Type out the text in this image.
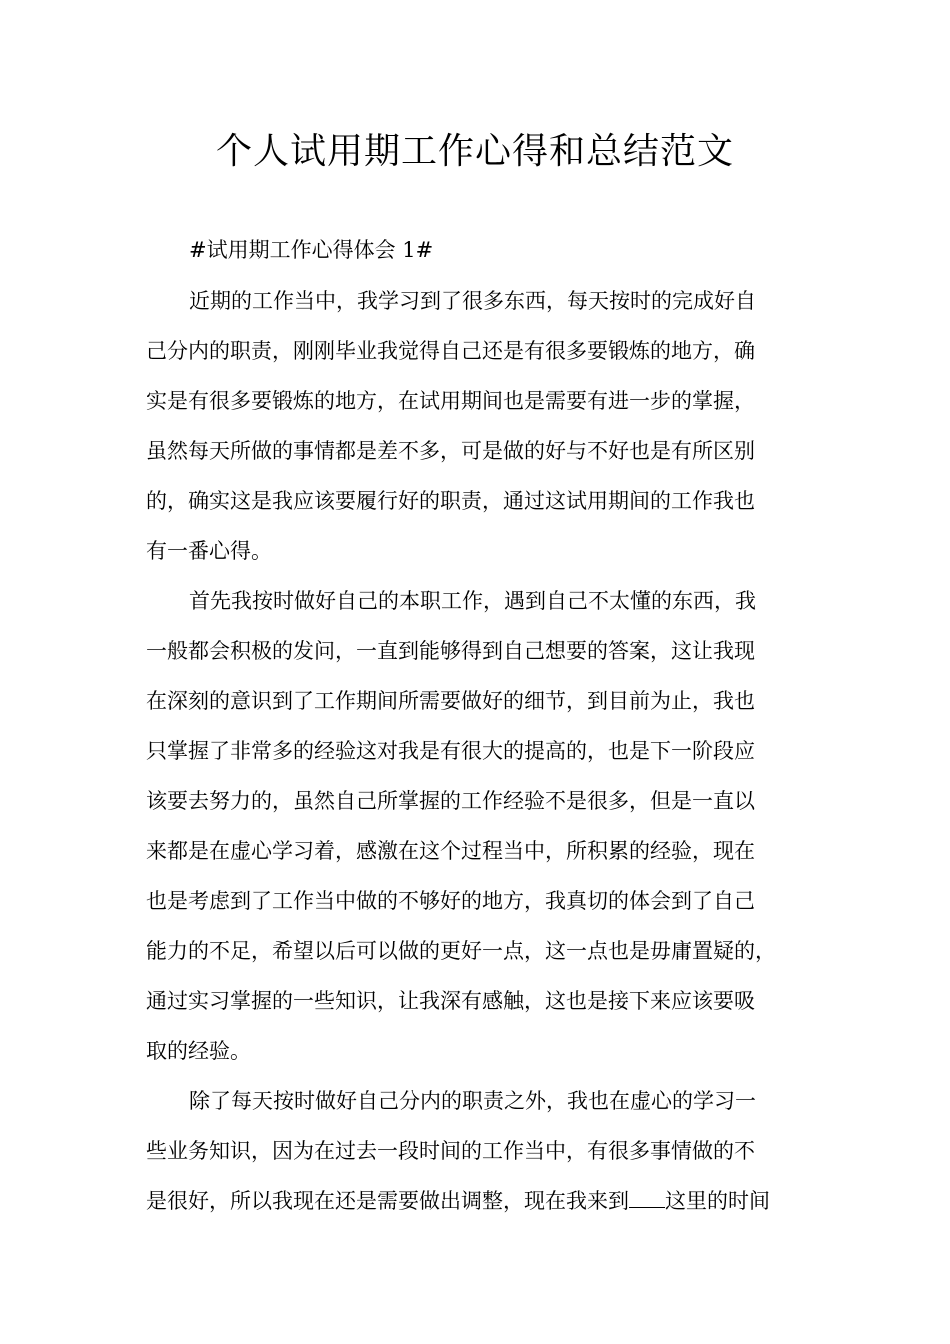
个人试用期工作心得和总结范文

#试用期工作心得体会 1#

近期的工作当中，我学习到了很多东西，每天按时的完成好自

己分内的职责，刚刚毕业我觉得自己还是有很多要锻炼的地方，确

实是有很多要锻炼的地方，在试用期间也是需要有进一步的掌握，

虽然每天所做的事情都是差不多，可是做的好与不好也是有所区别

的，确实这是我应该要履行好的职责，通过这试用期间的工作我也

有一番心得。

首先我按时做好自己的本职工作，遇到自己不太懂的东西，我

一般都会积极的发问，一直到能够得到自己想要的答案，这让我现

在深刻的意识到了工作期间所需要做好的细节，到目前为止，我也

只掌握了非常多的经验这对我是有很大的提高的，也是下一阶段应

该要去努力的，虽然自己所掌握的工作经验不是很多，但是一直以

来都是在虚心学习着，感激在这个过程当中，所积累的经验，现在

也是考虑到了工作当中做的不够好的地方，我真切的体会到了自己

能力的不足，希望以后可以做的更好一点，这一点也是毋庸置疑的，

通过实习掌握的一些知识，让我深有感触，这也是接下来应该要吸

取的经验。

除了每天按时做好自己分内的职责之外，我也在虚心的学习一

些业务知识，因为在过去一段时间的工作当中，有很多事情做的不

是很好，所以我现在还是需要做出调整，现在我来到 这里的时间
